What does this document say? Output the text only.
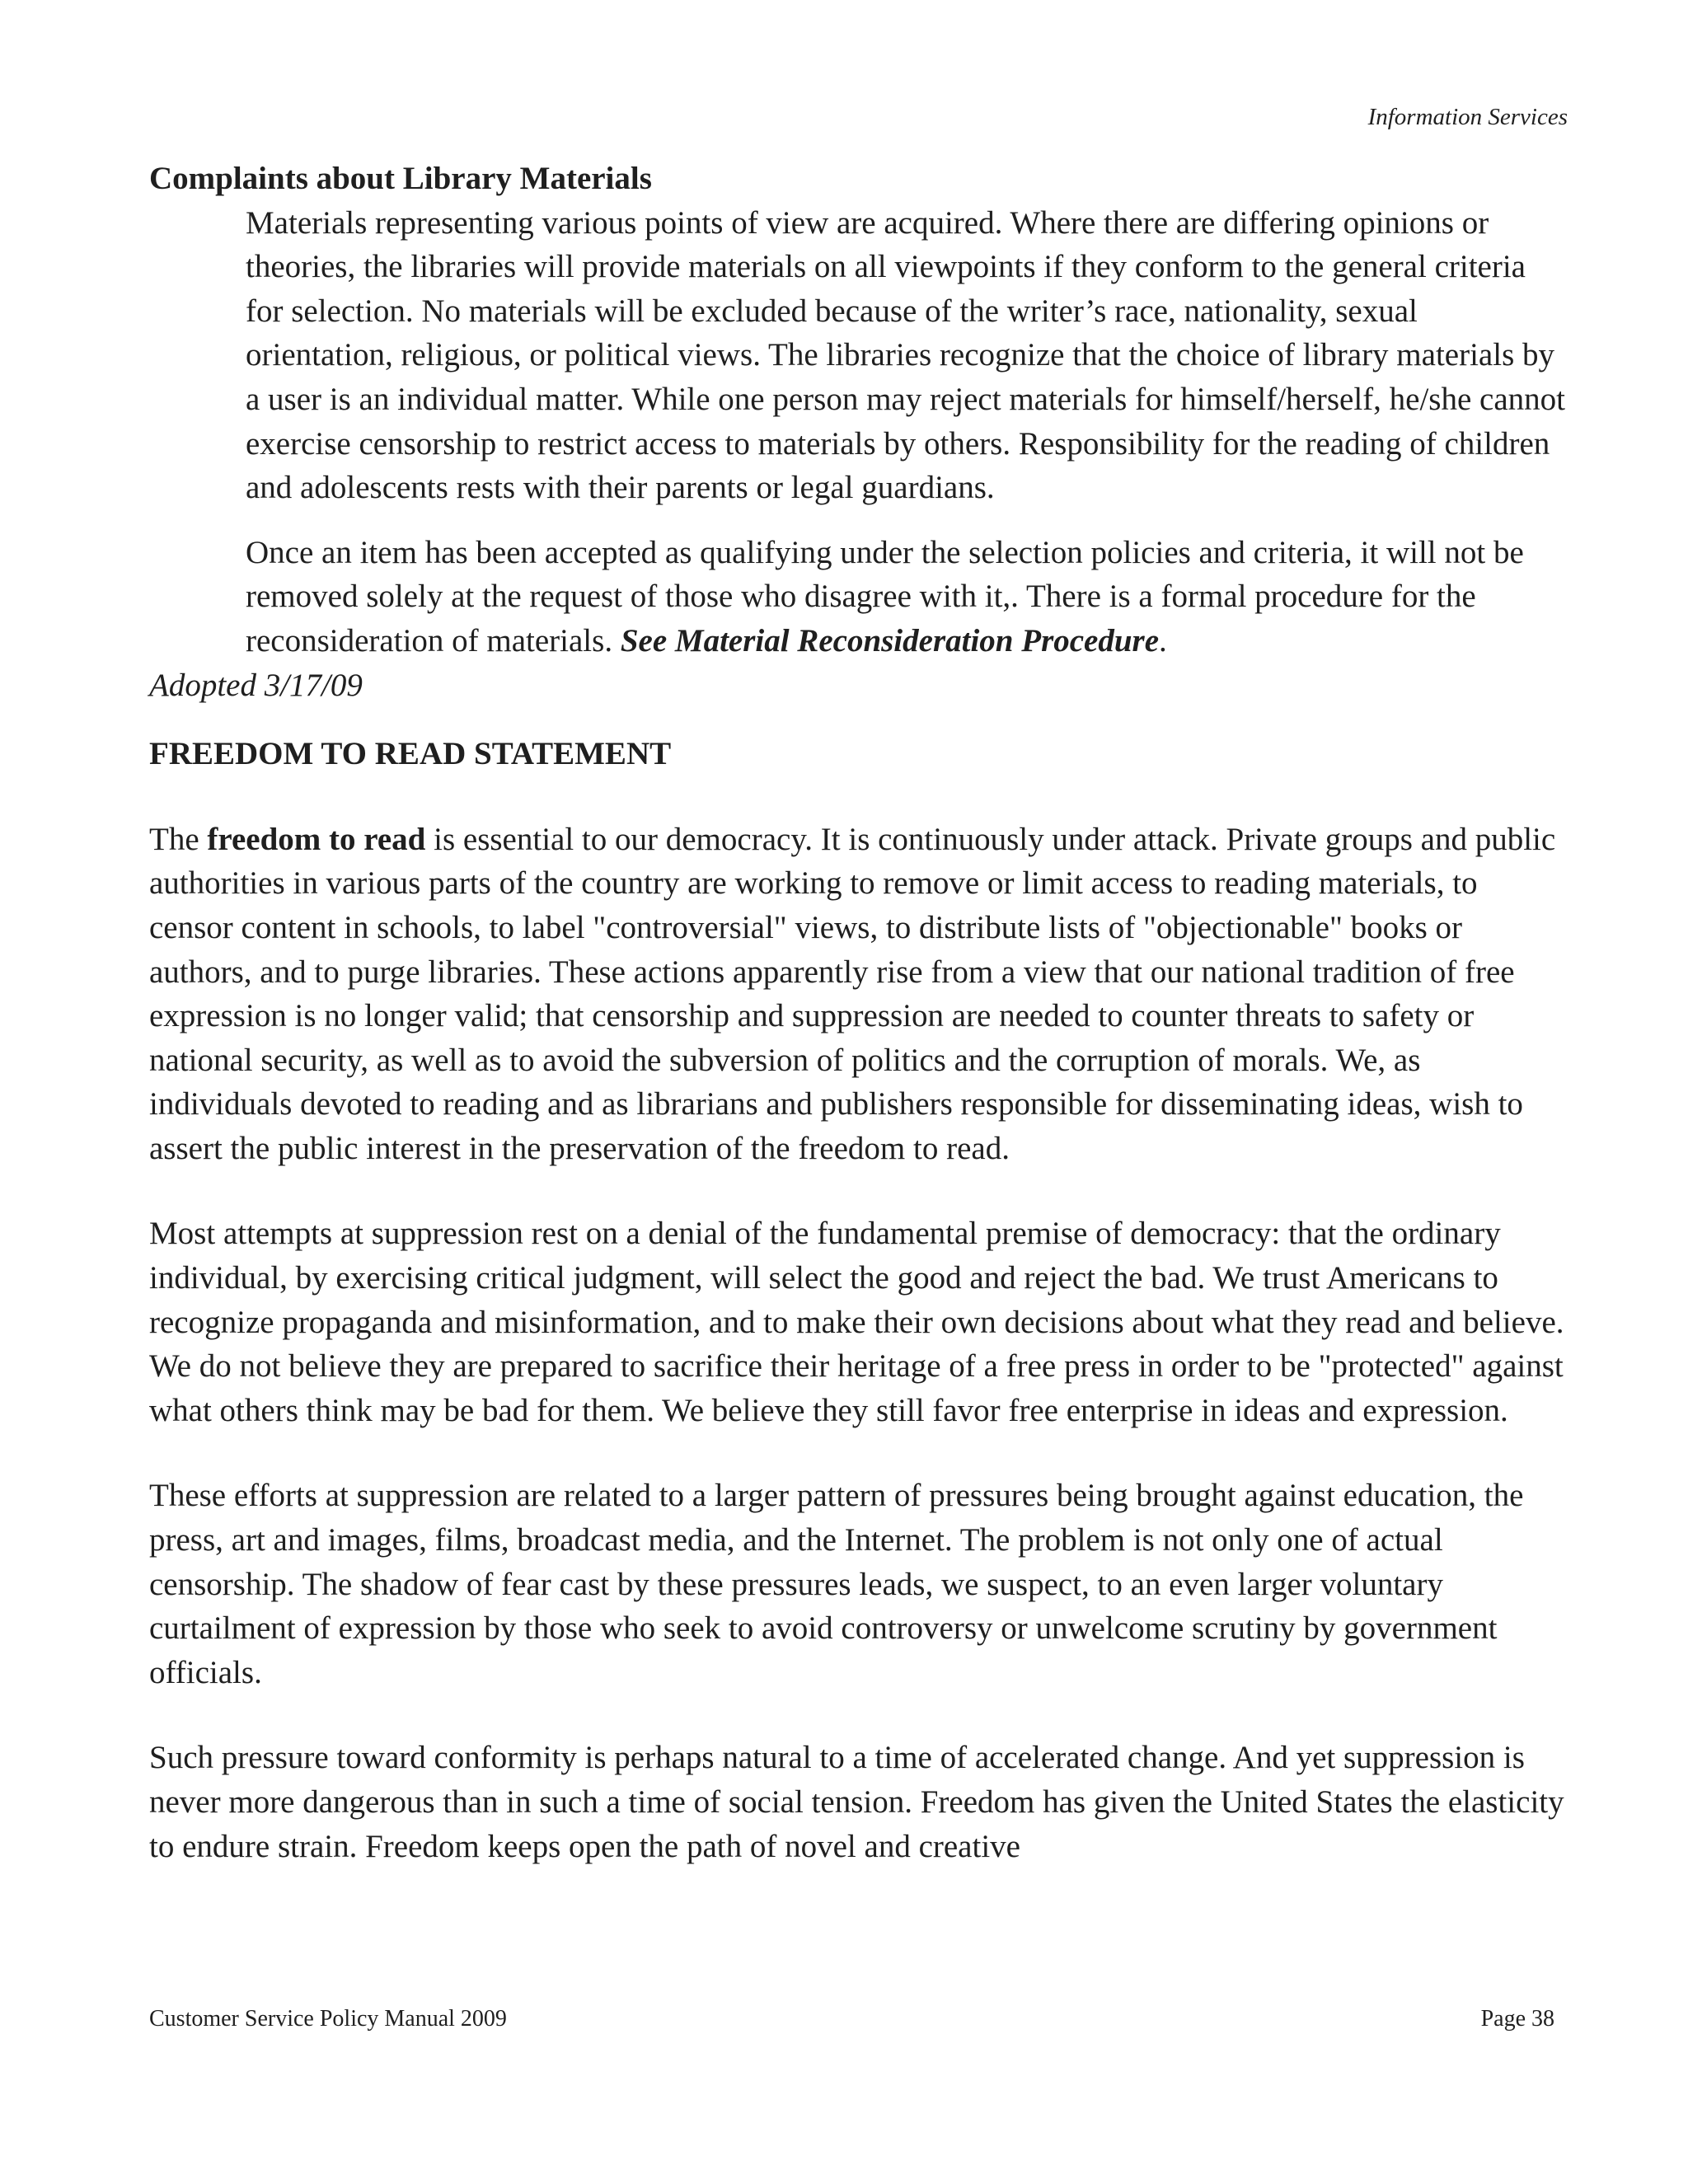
Information Services

Complaints about Library Materials

Materials representing various points of view are acquired. Where there are differing opinions or theories, the libraries will provide materials on all viewpoints if they conform to the general criteria for selection. No materials will be excluded because of the writer’s race, nationality, sexual orientation, religious, or political views. The libraries recognize that the choice of library materials by a user is an individual matter. While one person may reject materials for himself/herself, he/she cannot exercise censorship to restrict access to materials by others. Responsibility for the reading of children and adolescents rests with their parents or legal guardians.

Once an item has been accepted as qualifying under the selection policies and criteria, it will not be removed solely at the request of those who disagree with it,. There is a formal procedure for the reconsideration of materials. See Material Reconsideration Procedure.

Adopted 3/17/09

FREEDOM TO READ STATEMENT

The freedom to read is essential to our democracy. It is continuously under attack. Private groups and public authorities in various parts of the country are working to remove or limit access to reading materials, to censor content in schools, to label "controversial" views, to distribute lists of "objectionable" books or authors, and to purge libraries. These actions apparently rise from a view that our national tradition of free expression is no longer valid; that censorship and suppression are needed to counter threats to safety or national security, as well as to avoid the subversion of politics and the corruption of morals. We, as individuals devoted to reading and as librarians and publishers responsible for disseminating ideas, wish to assert the public interest in the preservation of the freedom to read.

Most attempts at suppression rest on a denial of the fundamental premise of democracy: that the ordinary individual, by exercising critical judgment, will select the good and reject the bad. We trust Americans to recognize propaganda and misinformation, and to make their own decisions about what they read and believe. We do not believe they are prepared to sacrifice their heritage of a free press in order to be "protected" against what others think may be bad for them. We believe they still favor free enterprise in ideas and expression.

These efforts at suppression are related to a larger pattern of pressures being brought against education, the press, art and images, films, broadcast media, and the Internet. The problem is not only one of actual censorship. The shadow of fear cast by these pressures leads, we suspect, to an even larger voluntary curtailment of expression by those who seek to avoid controversy or unwelcome scrutiny by government officials.

Such pressure toward conformity is perhaps natural to a time of accelerated change. And yet suppression is never more dangerous than in such a time of social tension. Freedom has given the United States the elasticity to endure strain. Freedom keeps open the path of novel and creative

Customer Service Policy Manual 2009	Page 38
